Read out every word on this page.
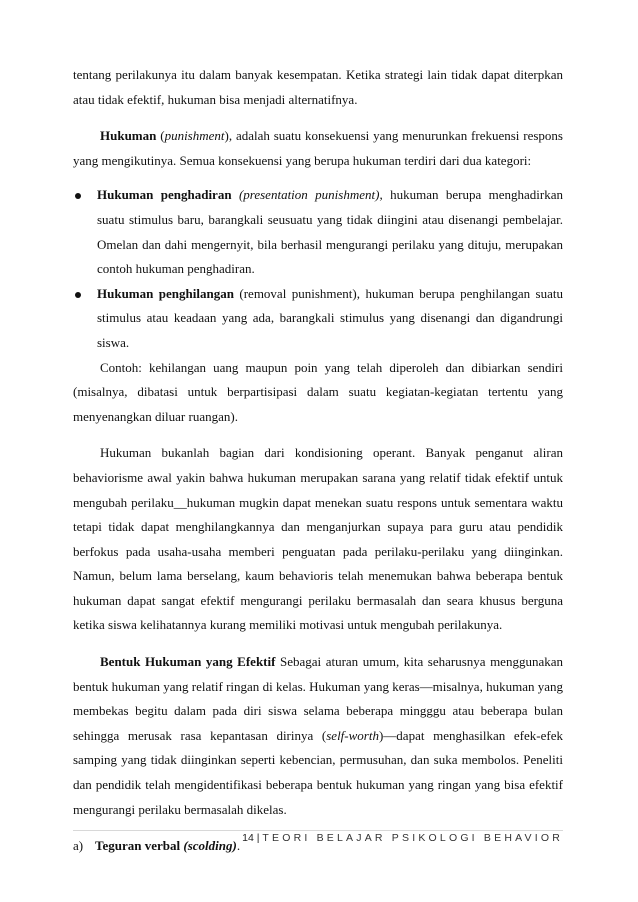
tentang perilakunya itu dalam banyak kesempatan. Ketika strategi lain tidak dapat diterpkan atau tidak efektif, hukuman bisa menjadi alternatifnya.

Hukuman (punishment), adalah suatu konsekuensi yang menurunkan frekuensi respons yang mengikutinya. Semua konsekuensi yang berupa hukuman terdiri dari dua kategori:

Hukuman penghadiran (presentation punishment), hukuman berupa menghadirkan suatu stimulus baru, barangkali seusuatu yang tidak diingini atau disenangi pembelajar. Omelan dan dahi mengernyit, bila berhasil mengurangi perilaku yang dituju, merupakan contoh hukuman penghadiran.
Hukuman penghilangan (removal punishment), hukuman berupa penghilangan suatu stimulus atau keadaan yang ada, barangkali stimulus yang disenangi dan digandrungi siswa.

Contoh: kehilangan uang maupun poin yang telah diperoleh dan dibiarkan sendiri (misalnya, dibatasi untuk berpartisipasi dalam suatu kegiatan-kegiatan tertentu yang menyenangkan diluar ruangan).

Hukuman bukanlah bagian dari kondisioning operant. Banyak penganut aliran behaviorisme awal yakin bahwa hukuman merupakan sarana yang relatif tidak efektif untuk mengubah perilaku__hukuman mugkin dapat menekan suatu respons untuk sementara waktu tetapi tidak dapat menghilangkannya dan menganjurkan supaya para guru atau pendidik berfokus pada usaha-usaha memberi penguatan pada perilaku-perilaku yang diinginkan. Namun, belum lama berselang, kaum behavioris telah menemukan bahwa beberapa bentuk hukuman dapat sangat efektif mengurangi perilaku bermasalah dan seara khusus berguna ketika siswa kelihatannya kurang memiliki motivasi untuk mengubah perilakunya.

Bentuk Hukuman yang Efektif Sebagai aturan umum, kita seharusnya menggunakan bentuk hukuman yang relatif ringan di kelas. Hukuman yang keras—misalnya, hukuman yang membekas begitu dalam pada diri siswa selama beberapa mingggu atau beberapa bulan sehingga merusak rasa kepantasan dirinya (self-worth)—dapat menghasilkan efek-efek samping yang tidak diinginkan seperti kebencian, permusuhan, dan suka membolos. Peneliti dan pendidik telah mengidentifikasi beberapa bentuk hukuman yang ringan yang bisa efektif mengurangi perilaku bermasalah dikelas.

a) Teguran verbal (scolding).
14 | TEORI BELAJAR PSIKOLOGI BEHAVIOR
